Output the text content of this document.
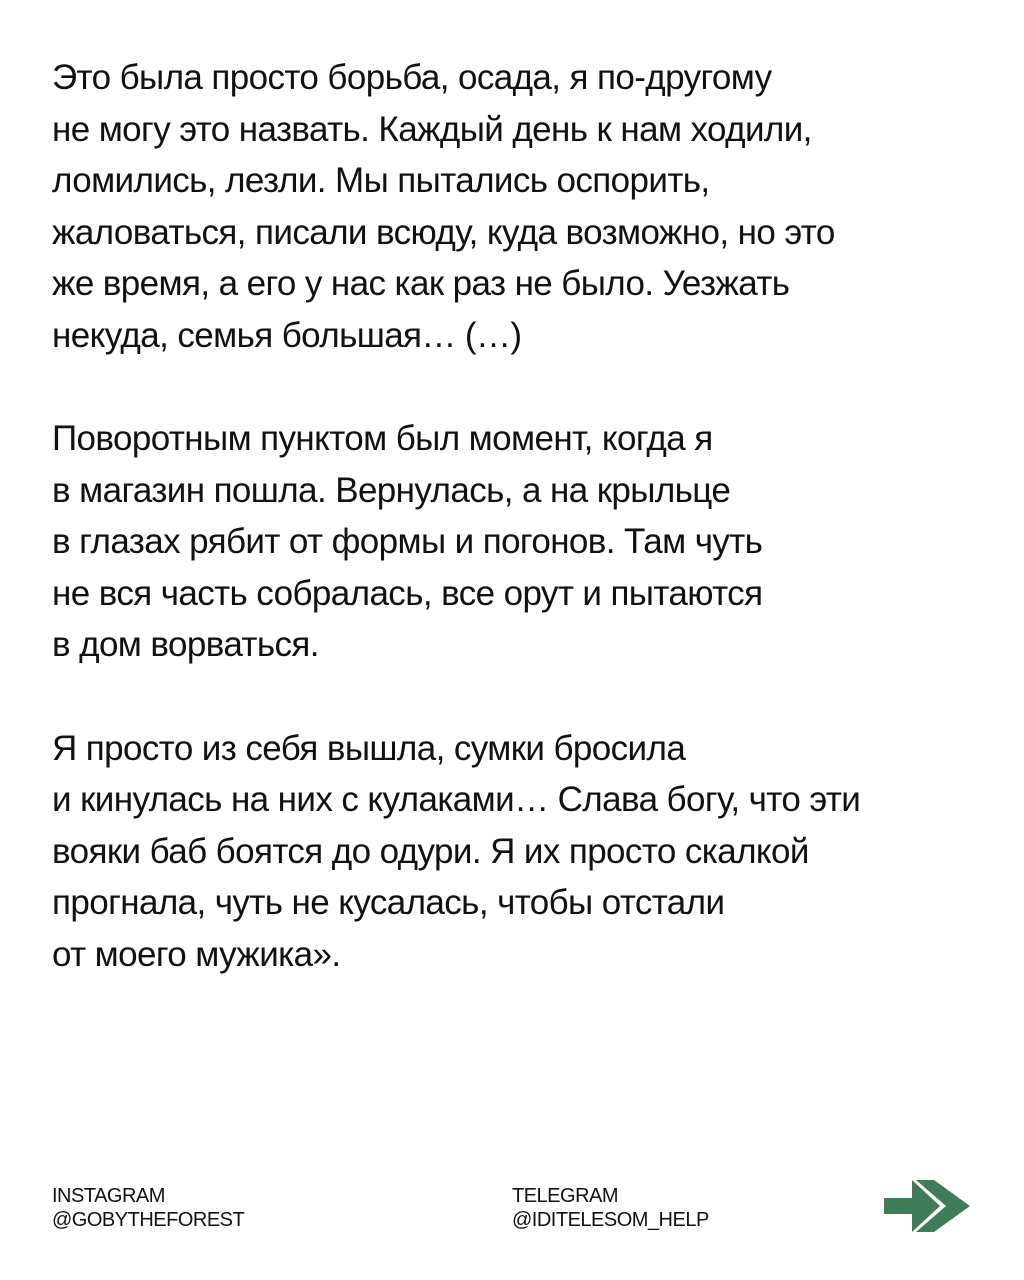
Это была просто борьба, осада, я по-другому
не могу это назвать. Каждый день к нам ходили,
ломились, лезли. Мы пытались оспорить,
жаловаться, писали всюду, куда возможно, но это
же время, а его у нас как раз не было. Уезжать
некуда, семья большая… (…)

Поворотным пунктом был момент, когда я
в магазин пошла. Вернулась, а на крыльце
в глазах рябит от формы и погонов. Там чуть
не вся часть собралась, все орут и пытаются
в дом ворваться.

Я просто из себя вышла, сумки бросила
и кинулась на них с кулаками… Слава богу, что эти
вояки баб боятся до одури. Я их просто скалкой
прогнала, чуть не кусалась, чтобы отстали
от моего мужика».

INSTAGRAM
@GOBYTHEFOREST
TELEGRAM
@IDITELESOM_HELP
